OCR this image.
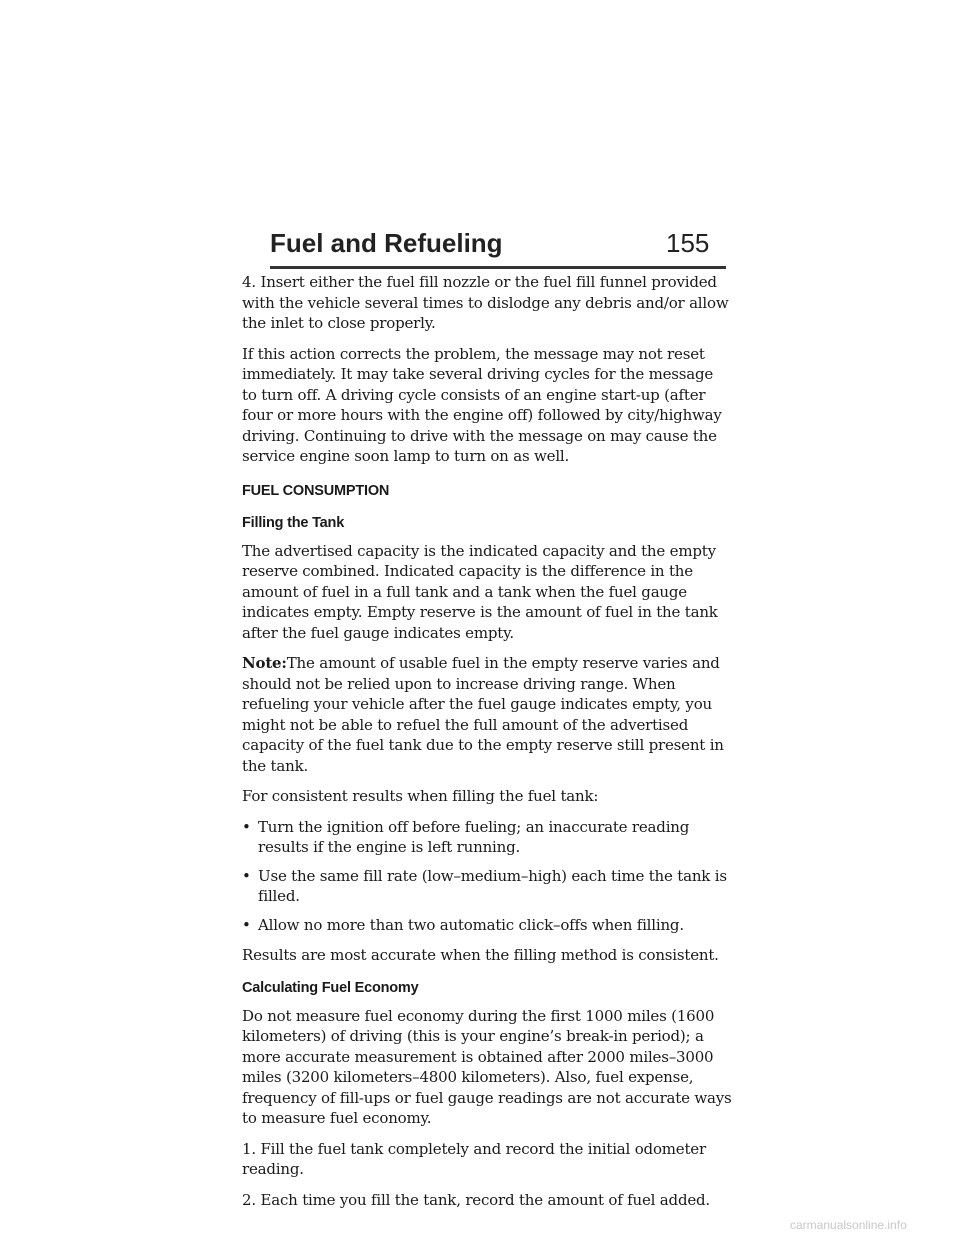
Fuel and Refueling	155

4. Insert either the fuel fill nozzle or the fuel fill funnel provided with the vehicle several times to dislodge any debris and/or allow the inlet to close properly.

If this action corrects the problem, the message may not reset immediately. It may take several driving cycles for the message to turn off. A driving cycle consists of an engine start-up (after four or more hours with the engine off) followed by city/highway driving. Continuing to drive with the message on may cause the service engine soon lamp to turn on as well.

FUEL CONSUMPTION
Filling the Tank

The advertised capacity is the indicated capacity and the empty reserve combined. Indicated capacity is the difference in the amount of fuel in a full tank and a tank when the fuel gauge indicates empty. Empty reserve is the amount of fuel in the tank after the fuel gauge indicates empty.

Note:The amount of usable fuel in the empty reserve varies and should not be relied upon to increase driving range. When refueling your vehicle after the fuel gauge indicates empty, you might not be able to refuel the full amount of the advertised capacity of the fuel tank due to the empty reserve still present in the tank.

For consistent results when filling the fuel tank:

• Turn the ignition off before fueling; an inaccurate reading results if the engine is left running.
• Use the same fill rate (low–medium–high) each time the tank is filled.
• Allow no more than two automatic click–offs when filling.

Results are most accurate when the filling method is consistent.

Calculating Fuel Economy

Do not measure fuel economy during the first 1000 miles (1600 kilometers) of driving (this is your engine’s break-in period); a more accurate measurement is obtained after 2000 miles–3000 miles (3200 kilometers–4800 kilometers). Also, fuel expense, frequency of fill-ups or fuel gauge readings are not accurate ways to measure fuel economy.

1. Fill the fuel tank completely and record the initial odometer reading.

2. Each time you fill the tank, record the amount of fuel added.

carmanualsonline.info
